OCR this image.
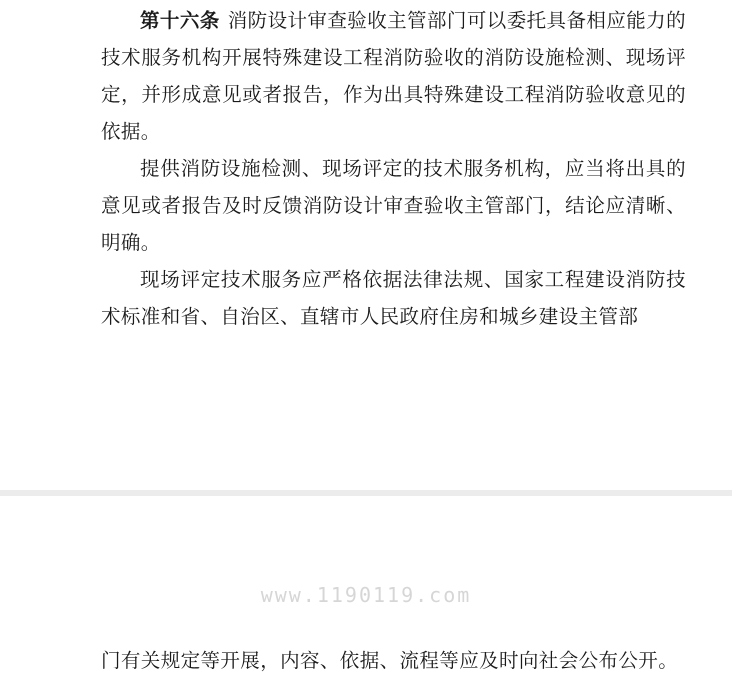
第十六条 消防设计审查验收主管部门可以委托具备相应能力的技术服务机构开展特殊建设工程消防验收的消防设施检测、现场评定，并形成意见或者报告，作为出具特殊建设工程消防验收意见的依据。

提供消防设施检测、现场评定的技术服务机构，应当将出具的意见或者报告及时反馈消防设计审查验收主管部门，结论应清晰、明确。

现场评定技术服务应严格依据法律法规、国家工程建设消防技术标准和省、自治区、直辖市人民政府住房和城乡建设主管部

www.1190119.com

门有关规定等开展，内容、依据、流程等应及时向社会公布公开。
